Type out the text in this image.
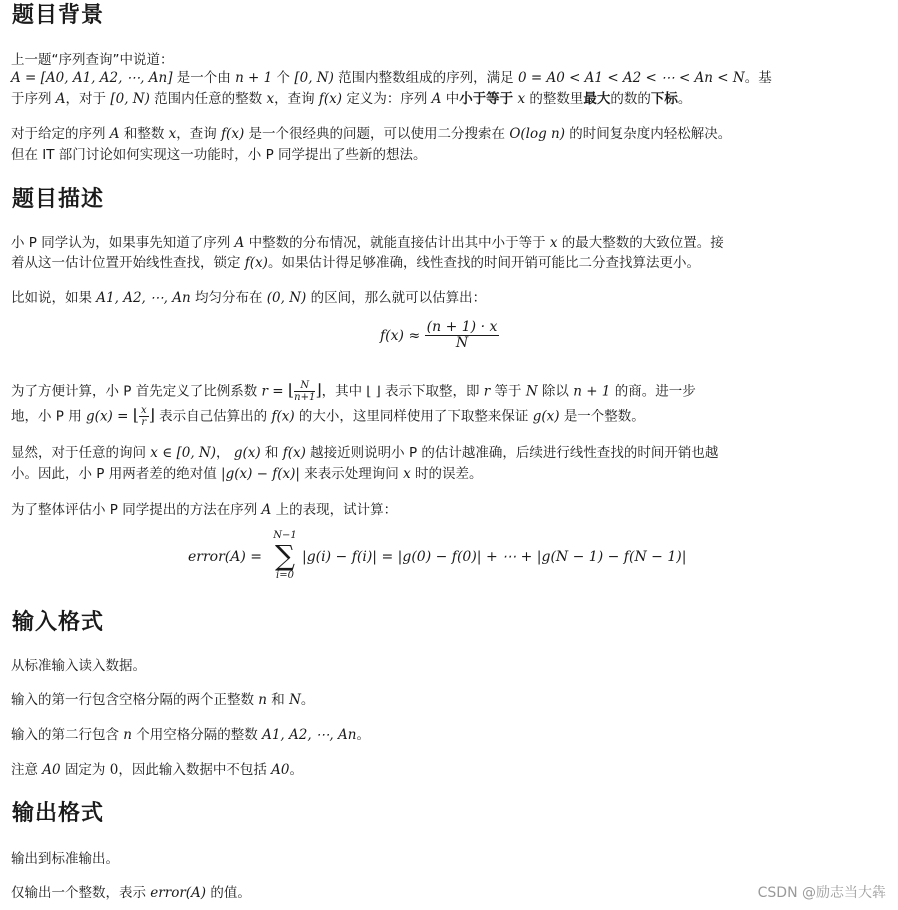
题目背景

上一题“序列查询”中说道：

A = [A0, A1, A2, ⋯, An] 是一个由 n + 1 个 [0, N) 范围内整数组成的序列，满足 0 = A0 < A1 < A2 < ⋯ < An < N。基

于序列 A，对于 [0, N) 范围内任意的整数 x，查询 f(x) 定义为：序列 A 中小于等于 x 的整数里最大的数的下标。

对于给定的序列 A 和整数 x，查询 f(x) 是一个很经典的问题，可以使用二分搜索在 O(log n) 的时间复杂度内轻松解决。

但在 IT 部门讨论如何实现这一功能时，小 P 同学提出了些新的想法。

题目描述

小 P 同学认为，如果事先知道了序列 A 中整数的分布情况，就能直接估计出其中小于等于 x 的最大整数的大致位置。接

着从这一估计位置开始线性查找，锁定 f(x)。如果估计得足够准确，线性查找的时间开销可能比二分查找算法更小。

比如说，如果 A1, A2, ⋯, An 均匀分布在 (0, N) 的区间，那么就可以估算出：

$f(x) \approx \frac{(n + 1) \cdot x}{N}$

为了方便计算，小 P 首先定义了比例系数 r = ⌊ $\frac{N}{n+1}$ ⌋，其中 ⌊ ⌋ 表示下取整，即 r 等于 N 除以 n + 1 的商。进一步

地，小 P 用 g(x) = ⌊ $\frac{x}{r}$ ⌋ 表示自己估算出的 f(x) 的大小，这里同样使用了下取整来保证 g(x) 是一个整数。

显然，对于任意的询问 x ∈ [0, N)， g(x) 和 f(x) 越接近则说明小 P 的估计越准确，后续进行线性查找的时间开销也越

小。因此，小 P 用两者差的绝对值 |g(x) − f(x)| 来表示处理询问 x 时的误差。

为了整体评估小 P 同学提出的方法在序列 A 上的表现，试计算：

error(A) =
N−1
∑
i=0
|g(i) − f(i)| = |g(0) − f(0)| + ⋯ + |g(N − 1) − f(N − 1)|
输入格式

从标准输入读入数据。

输入的第一行包含空格分隔的两个正整数 n 和 N。

输入的第二行包含 n 个用空格分隔的整数 A1, A2, ⋯, An。

注意 A0 固定为 0，因此输入数据中不包括 A0。

输出格式

输出到标准输出。

仅输出一个整数，表示 error(A) 的值。	CSDN @励志当大犇
